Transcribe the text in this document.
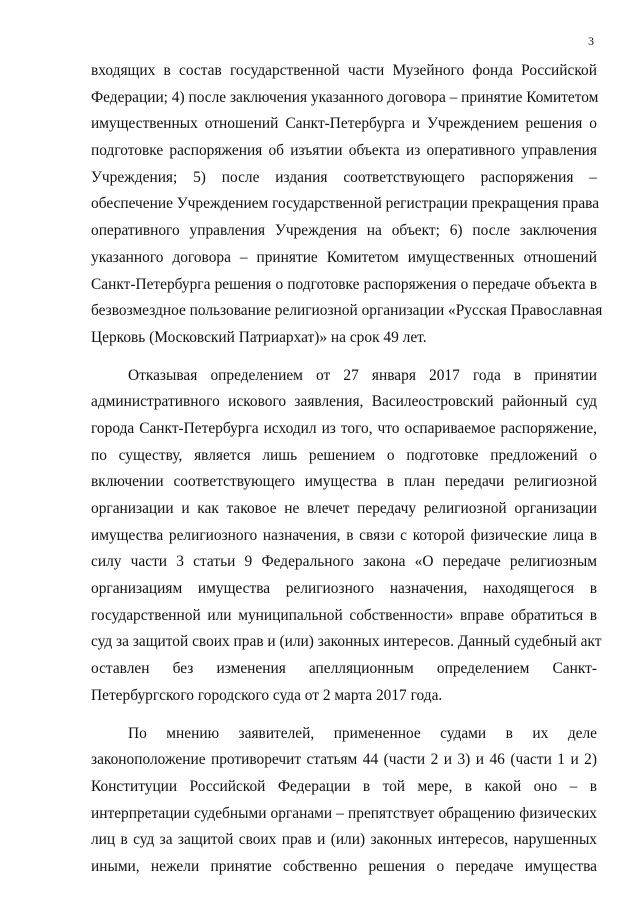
3
входящих в состав государственной части Музейного фонда Российской
Федерации; 4) после заключения указанного договора – принятие Комитетом
имущественных отношений Санкт-Петербурга и Учреждением решения о
подготовке распоряжения об изъятии объекта из оперативного управления
Учреждения; 5) после издания соответствующего распоряжения –
обеспечение Учреждением государственной регистрации прекращения права
оперативного управления Учреждения на объект; 6) после заключения
указанного договора – принятие Комитетом имущественных отношений
Санкт-Петербурга решения о подготовке распоряжения о передаче объекта в
безвозмездное пользование религиозной организации «Русская Православная
Церковь (Московский Патриархат)» на срок 49 лет.
Отказывая определением от 27 января 2017 года в принятии
административного искового заявления, Василеостровский районный суд
города Санкт-Петербурга исходил из того, что оспариваемое распоряжение,
по существу, является лишь решением о подготовке предложений о
включении соответствующего имущества в план передачи религиозной
организации и как таковое не влечет передачу религиозной организации
имущества религиозного назначения, в связи с которой физические лица в
силу части 3 статьи 9 Федерального закона «О передаче религиозным
организациям имущества религиозного назначения, находящегося в
государственной или муниципальной собственности» вправе обратиться в
суд за защитой своих прав и (или) законных интересов. Данный судебный акт
оставлен без изменения апелляционным определением Санкт-
Петербургского городского суда от 2 марта 2017 года.
По мнению заявителей, примененное судами в их деле
законоположение противоречит статьям 44 (части 2 и 3) и 46 (части 1 и 2)
Конституции Российской Федерации в той мере, в какой оно – в
интерпретации судебными органами – препятствует обращению физических
лиц в суд за защитой своих прав и (или) законных интересов, нарушенных
иными, нежели принятие собственно решения о передаче имущества
